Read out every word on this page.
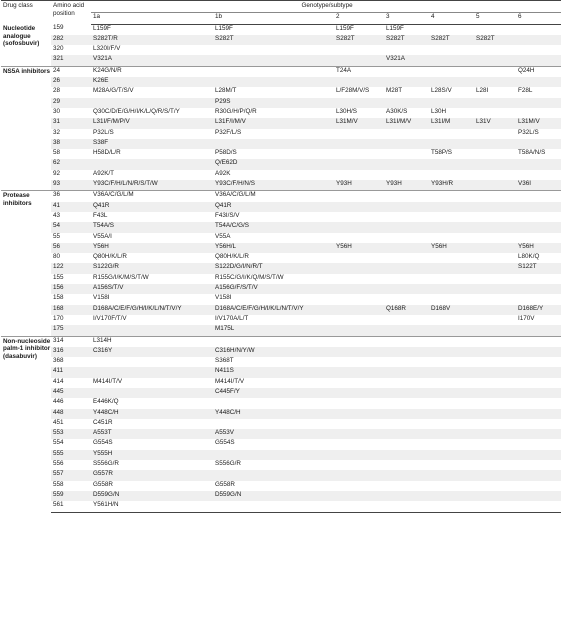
Drug class	Amino acid position	Genotype/subtype						
		1a	1b	2	3	4	5	6
Nucleotide analogue (sofosbuvir)	159	L159F	L159F	L159F	L159F			
	282	S282T/R	S282T	S282T	S282T	S282T	S282T	
	320	L320I/F/V						
	321	V321A			V321A			
NS5A inhibitors	24	K24G/N/R		T24A				Q24H
	26	K26E						
	28	M28A/G/T/S/V	L28M/T	L/F28M/V/S	M28T	L28S/V	L28I	F28L
	29		P29S					
	30	Q30C/D/E/G/H/I/K/L/Q/R/S/T/Y	R30G/H/P/Q/R	L30H/S	A30K/S	L30H		
	31	L31I/F/M/P/V	L31F/I/M/V	L31M/V	L31I/M/V	L31I/M	L31V	L31M/V
	32	P32L/S	P32F/L/S					P32L/S
	38	S38F						
	58	H58D/L/R	P58D/S			T58P/S		T58A/N/S
	62		Q/E62D					
	92	A92K/T	A92K					
	93	Y93C/F/H/L/N/R/S/T/W	Y93C/F/H/N/S	Y93H	Y93H	Y93H/R		V36I
Protease inhibitors	36	V36A/C/G/L/M	V36A/C/G/L/M					
	41	Q41R	Q41R					
	43	F43L	F43I/S/V					
	54	T54A/S	T54A/C/G/S					
	55	V55A/I	V55A					
	56	Y56H	Y56H/L	Y56H		Y56H		Y56H
	80	Q80H/K/L/R	Q80H/K/L/R					L80K/Q
	122	S122G/R	S122D/G/I/N/R/T					S122T
	155	R155G/I/K/M/S/T/W	R155C/G/I/K/Q/M/S/T/W					
	156	A156S/T/V	A156G/F/S/T/V					
	158	V158I	V158I					
	168	D168A/C/E/F/G/H/I/K/L/N/T/V/Y	D168A/C/E/F/G/H/I/K/L/N/T/V/Y		Q168R	D168V		D168E/Y
	170	I/V170F/T/V	I/V170A/L/T					I170V
	175		M175L					
Non-nucleoside palm-1 inhibitor (dasabuvir)	314	L314H						
	316	C316Y	C316H/N/Y/W					
	368		S368T					
	411		N411S					
	414	M414I/T/V	M414I/T/V					
	445		C445F/Y					
	446	E446K/Q						
	448	Y448C/H	Y448C/H					
	451	C451R						
	553	A553T	A553V					
	554	G554S	G554S					
	555	Y555H						
	556	S556G/R	S556G/R					
	557	G557R						
	558	G558R	G558R					
	559	D559G/N	D559G/N					
	561	Y561H/N						
